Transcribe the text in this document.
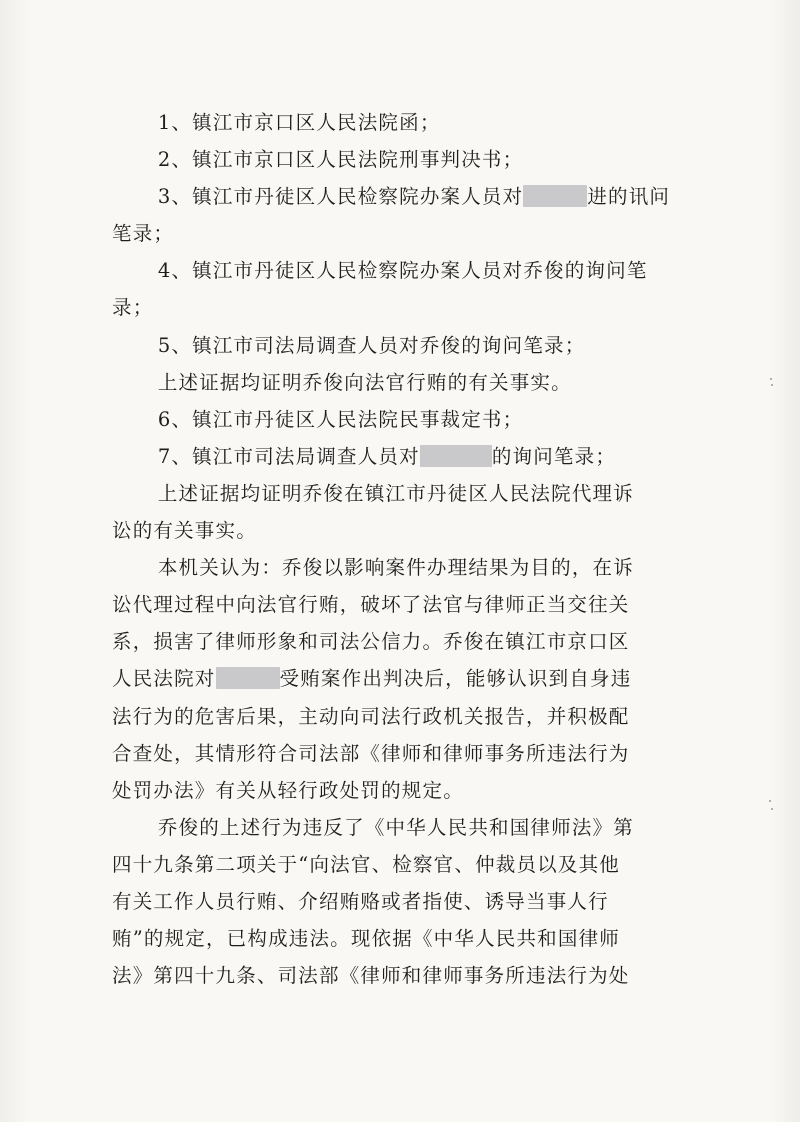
1、镇江市京口区人民法院函；

2、镇江市京口区人民法院刑事判决书；

3、镇江市丹徒区人民检察院办案人员对	进的讯问

笔录；

4、镇江市丹徒区人民检察院办案人员对乔俊的询问笔

录；

5、镇江市司法局调查人员对乔俊的询问笔录；

上述证据均证明乔俊向法官行贿的有关事实。

6、镇江市丹徒区人民法院民事裁定书；

7、镇江市司法局调查人员对	的询问笔录；

上述证据均证明乔俊在镇江市丹徒区人民法院代理诉

讼的有关事实。

本机关认为：乔俊以影响案件办理结果为目的，在诉

讼代理过程中向法官行贿，破坏了法官与律师正当交往关

系，损害了律师形象和司法公信力。乔俊在镇江市京口区

人民法院对	受贿案作出判决后，能够认识到自身违

法行为的危害后果，主动向司法行政机关报告，并积极配

合查处，其情形符合司法部《律师和律师事务所违法行为

处罚办法》有关从轻行政处罚的规定。

乔俊的上述行为违反了《中华人民共和国律师法》第

四十九条第二项关于“向法官、检察官、仲裁员以及其他

有关工作人员行贿、介绍贿赂或者指使、诱导当事人行

贿”的规定，已构成违法。现依据《中华人民共和国律师

法》第四十九条、司法部《律师和律师事务所违法行为处
